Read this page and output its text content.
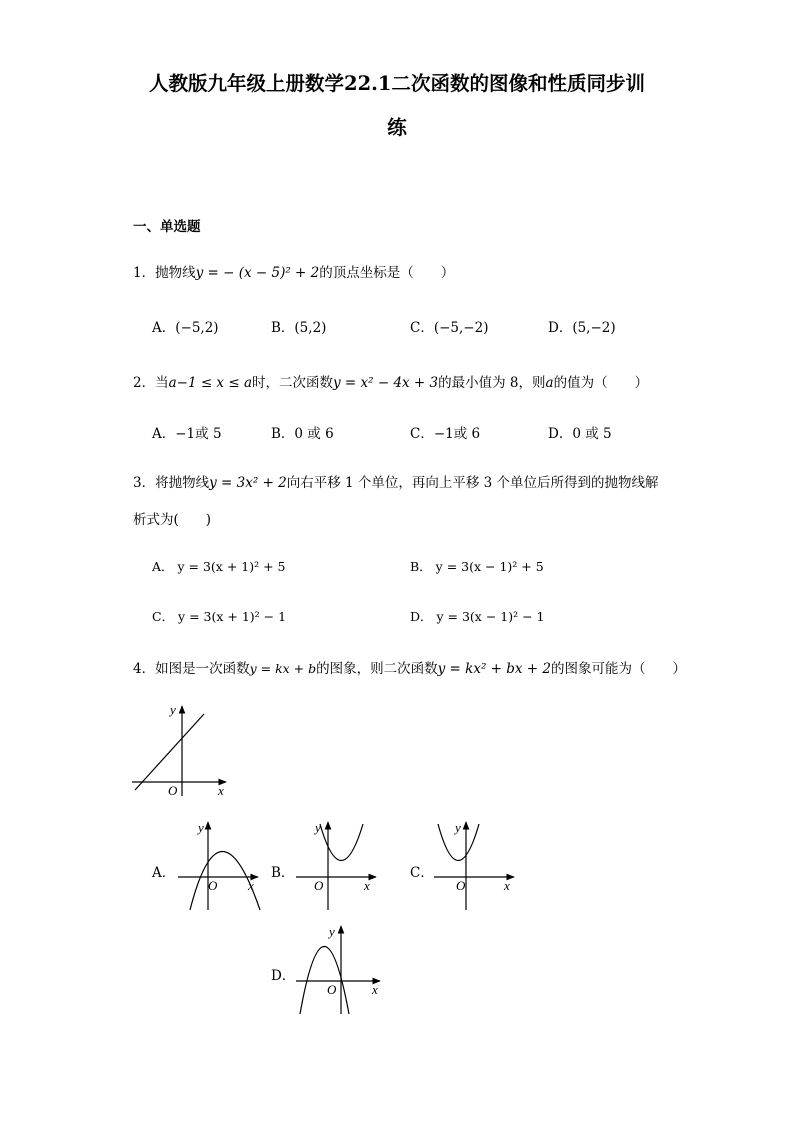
人教版九年级上册数学22.1二次函数的图像和性质同步训
练
一、单选题
1．抛物线y = − (x − 5)² + 2的顶点坐标是（　　）
A．(−5,2)	B．(5,2)	C．(−5,−2)	D．(5,−2)
2．当a−1 ≤ x ≤ a时，二次函数y = x² − 4x + 3的最小值为 8，则a的值为（　　）
A．−1或 5	B．0 或 6	C．−1或 6	D．0 或 5
3．将抛物线y = 3x² + 2向右平移 1 个单位，再向上平移 3 个单位后所得到的抛物线解
析式为(　　)
A． y = 3(x + 1)² + 5	B． y = 3(x − 1)² + 5
C． y = 3(x + 1)² − 1	D． y = 3(x − 1)² − 1
4．如图是一次函数y = kx + b的图象，则二次函数y = kx² + bx + 2的图象可能为（　　）
y
x
O
A．
y
x
O
B．
y
x
O
C．
y
x
O
D．
y
x
O
